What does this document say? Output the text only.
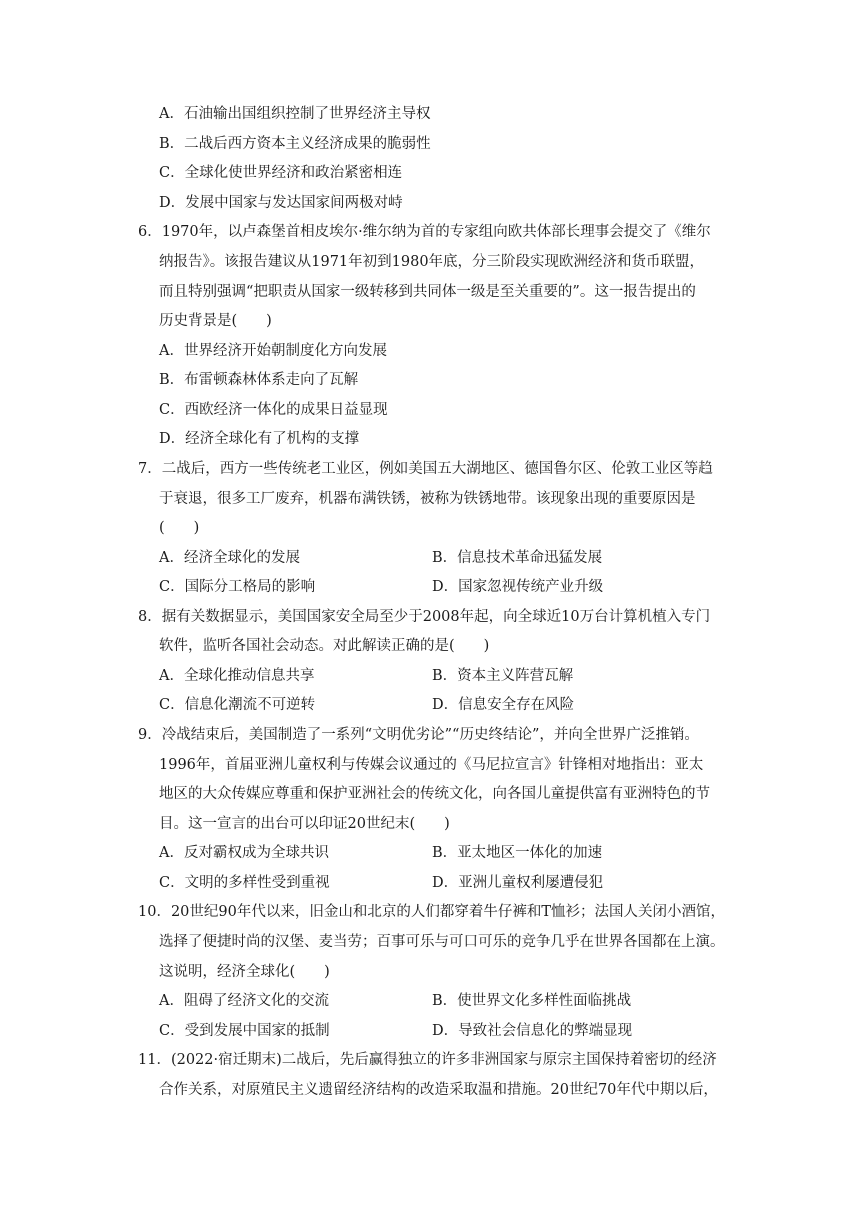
A．石油输出国组织控制了世界经济主导权
B．二战后西方资本主义经济成果的脆弱性
C．全球化使世界经济和政治紧密相连
D．发展中国家与发达国家间两极对峙
6．1970年，以卢森堡首相皮埃尔·维尔纳为首的专家组向欧共体部长理事会提交了《维尔
纳报告》。该报告建议从1971年初到1980年底，分三阶段实现欧洲经济和货币联盟，
而且特别强调“把职责从国家一级转移到共同体一级是至关重要的”。这一报告提出的
历史背景是(　　)
A．世界经济开始朝制度化方向发展
B．布雷顿森林体系走向了瓦解
C．西欧经济一体化的成果日益显现
D．经济全球化有了机构的支撑
7．二战后，西方一些传统老工业区，例如美国五大湖地区、德国鲁尔区、伦敦工业区等趋
于衰退，很多工厂废弃，机器布满铁锈，被称为铁锈地带。该现象出现的重要原因是
(　　)
A．经济全球化的发展	B．信息技术革命迅猛发展
C．国际分工格局的影响	D．国家忽视传统产业升级
8．据有关数据显示，美国国家安全局至少于2008年起，向全球近10万台计算机植入专门
软件，监听各国社会动态。对此解读正确的是(　　)
A．全球化推动信息共享	B．资本主义阵营瓦解
C．信息化潮流不可逆转	D．信息安全存在风险
9．冷战结束后，美国制造了一系列“文明优劣论”“历史终结论”，并向全世界广泛推销。
1996年，首届亚洲儿童权利与传媒会议通过的《马尼拉宣言》针锋相对地指出：亚太
地区的大众传媒应尊重和保护亚洲社会的传统文化，向各国儿童提供富有亚洲特色的节
目。这一宣言的出台可以印证20世纪末(　　)
A．反对霸权成为全球共识	B．亚太地区一体化的加速
C．文明的多样性受到重视	D．亚洲儿童权利屡遭侵犯
10．20世纪90年代以来，旧金山和北京的人们都穿着牛仔裤和T恤衫；法国人关闭小酒馆，
选择了便捷时尚的汉堡、麦当劳；百事可乐与可口可乐的竞争几乎在世界各国都在上演。
这说明，经济全球化(　　)
A．阻碍了经济文化的交流	B．使世界文化多样性面临挑战
C．受到发展中国家的抵制	D．导致社会信息化的弊端显现
11．(2022·宿迁期末)二战后，先后赢得独立的许多非洲国家与原宗主国保持着密切的经济
合作关系，对原殖民主义遗留经济结构的改造采取温和措施。20世纪70年代中期以后，
